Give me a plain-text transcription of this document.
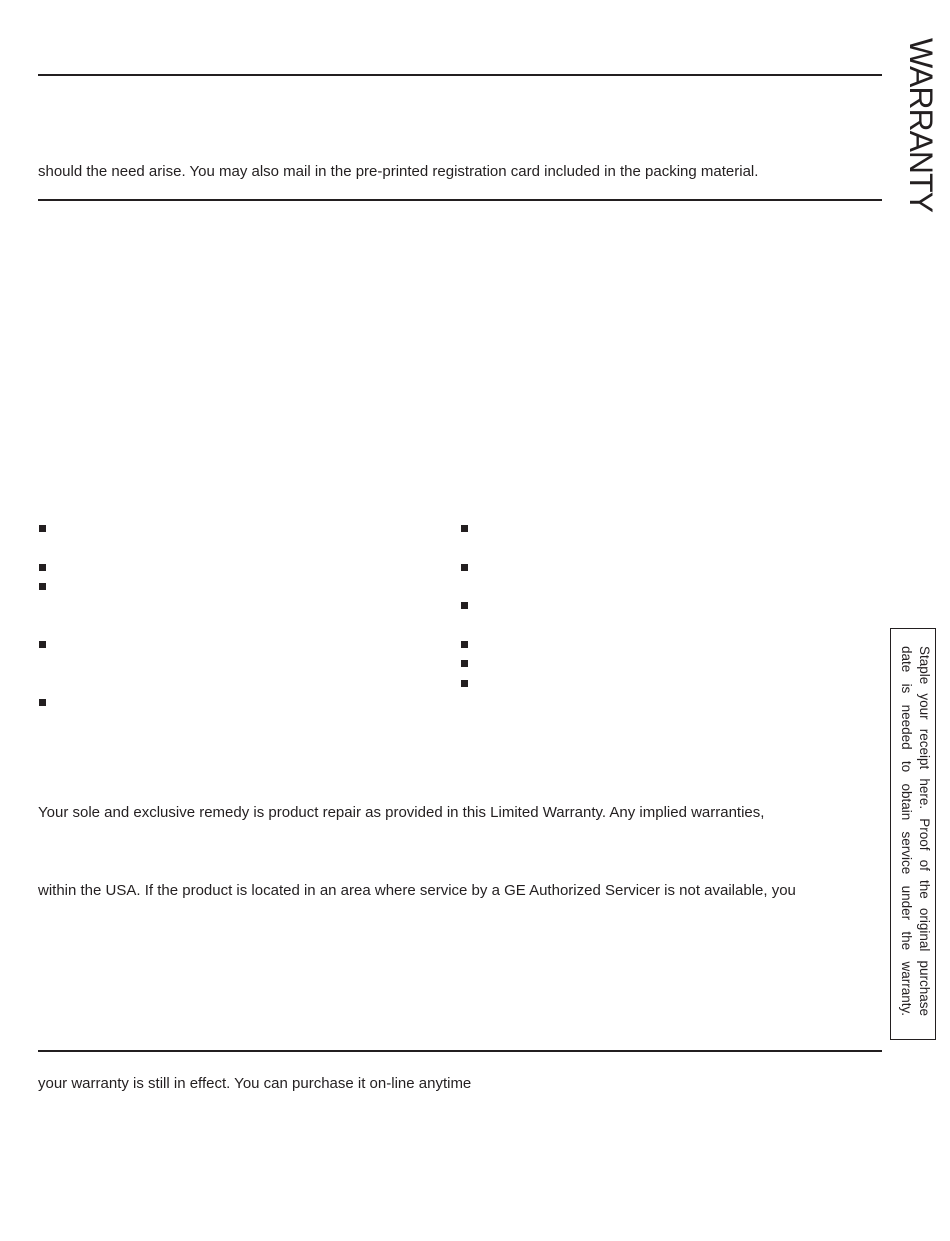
should the need arise. You may also mail in the pre-printed registration card included in the packing material.
Your sole and exclusive remedy is product repair as provided in this Limited Warranty. Any implied warranties,
within the USA. If the product is located in an area where service by a GE Authorized Servicer is not available, you
your warranty is still in effect. You can purchase it on-line anytime
WARRANTY
Staple your receipt here. Proof of the original purchase
date is needed to obtain service under the warranty.
